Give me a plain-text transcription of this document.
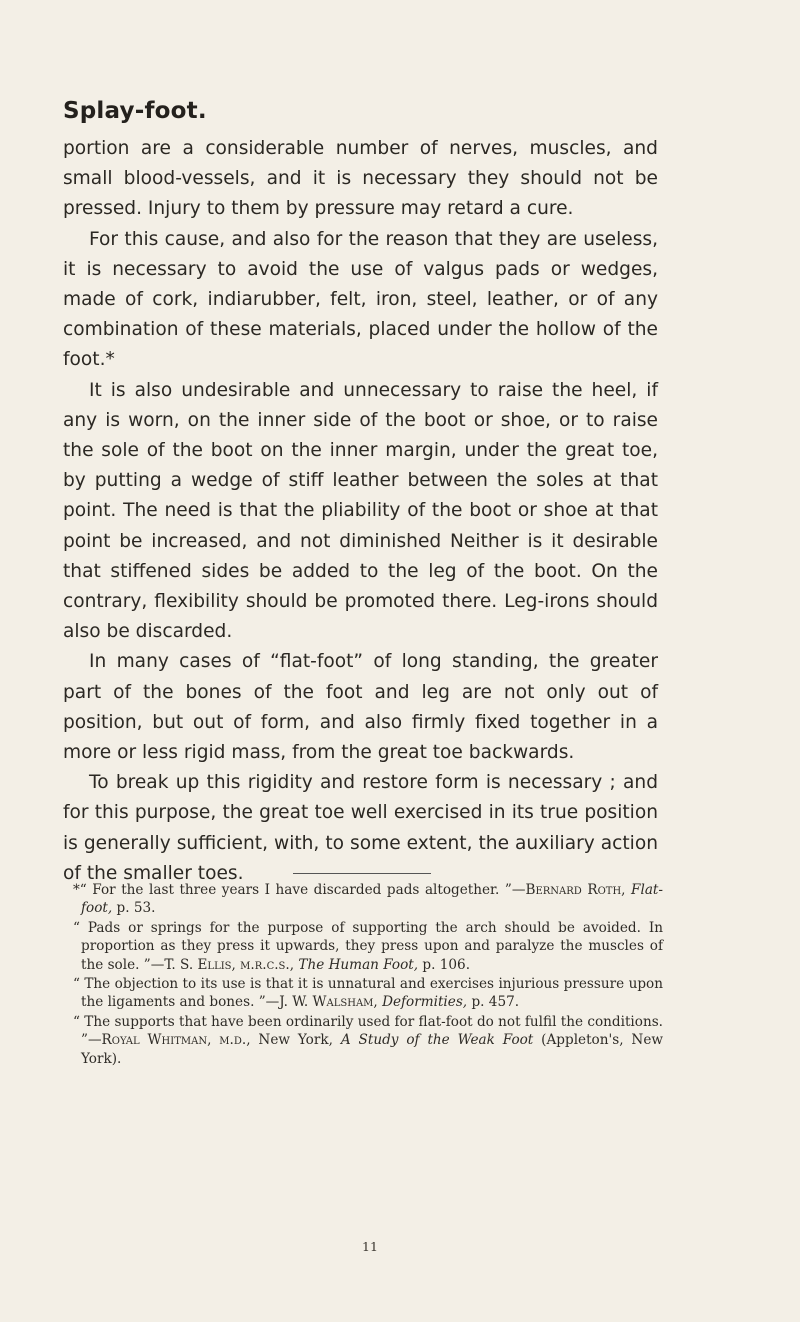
Splay-foot.

portion are a considerable number of nerves, muscles, and small blood-vessels, and it is necessary they should not be pressed. Injury to them by pressure may retard a cure.

For this cause, and also for the reason that they are useless, it is necessary to avoid the use of valgus pads or wedges, made of cork, indiarubber, felt, iron, steel, leather, or of any combination of these materials, placed under the hollow of the foot.*

It is also undesirable and unnecessary to raise the heel, if any is worn, on the inner side of the boot or shoe, or to raise the sole of the boot on the inner margin, under the great toe, by putting a wedge of stiff leather between the soles at that point. The need is that the pliability of the boot or shoe at that point be increased, and not diminished Neither is it desirable that stiffened sides be added to the leg of the boot. On the contrary, flexibility should be promoted there. Leg-irons should also be discarded.

In many cases of “flat-foot” of long standing, the greater part of the bones of the foot and leg are not only out of position, but out of form, and also firmly fixed together in a more or less rigid mass, from the great toe backwards.

To break up this rigidity and restore form is necessary ; and for this purpose, the great toe well exercised in its true position is generally sufficient, with, to some extent, the auxiliary action of the smaller toes.

*“ For the last three years I have discarded pads altogether. ”—Bernard Roth, Flat-foot, p. 53.

“ Pads or springs for the purpose of supporting the arch should be avoided. In proportion as they press it upwards, they press upon and paralyze the muscles of the sole. ”—T. S. Ellis, m.r.c.s., The Human Foot, p. 106.

“ The objection to its use is that it is unnatural and exercises injurious pressure upon the ligaments and bones. ”—J. W. Walsham, Deformities, p. 457.

“ The supports that have been ordinarily used for flat-foot do not fulfil the conditions. ”—Royal Whitman, m.d., New York, A Study of the Weak Foot (Appleton's, New York).

11
